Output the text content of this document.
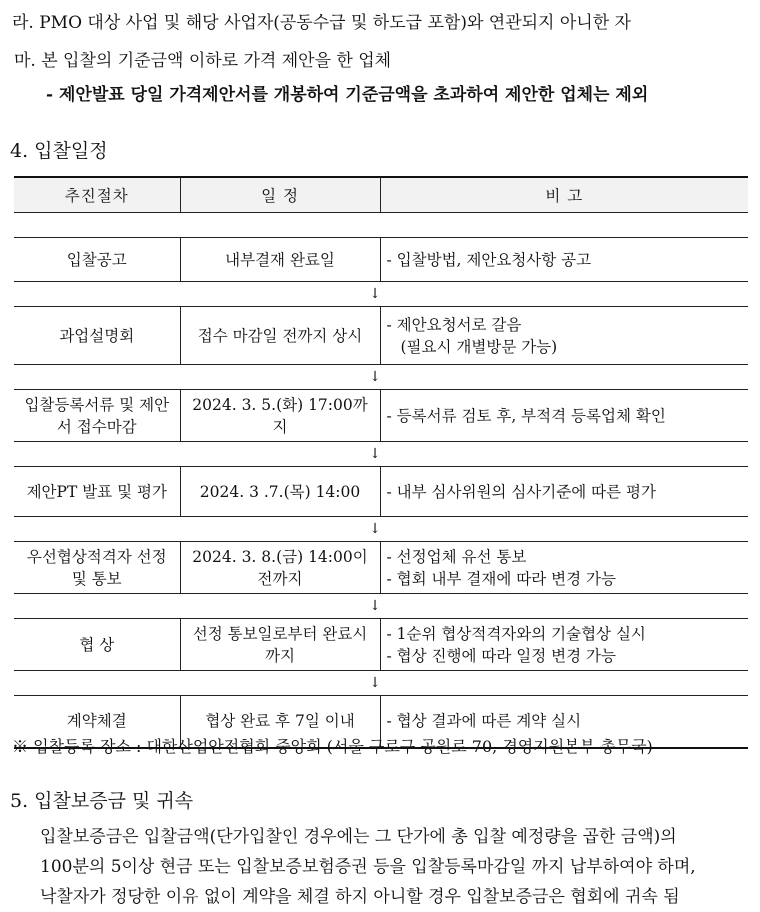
라. PMO 대상 사업 및 해당 사업자(공동수급 및 하도급 포함)와 연관되지 아니한 자
마. 본 입찰의 기준금액 이하로 가격 제안을 한 업체
- 제안발표 당일 가격제안서를 개봉하여 기준금액을 초과하여 제안한 업체는 제외
4. 입찰일정
추진절차	일 정	비 고

입찰공고	내부결재 완료일	- 입찰방법, 제안요청사항 공고

↓		
과업설명회	접수 마감일 전까지 상시	- 제안요청서로 갈음
(필요시 개별방문 가능)

↓		
입찰등록서류 및 제안서 접수마감	2024. 3. 5.(화) 17:00까지	- 등록서류 검토 후, 부적격 등록업체 확인

↓		
제안PT 발표 및 평가	2024. 3 .7.(목) 14:00	- 내부 심사위원의 심사기준에 따른 평가

↓		
우선협상적격자 선정 및 통보	2024. 3. 8.(금) 14:00이전까지	- 선정업체 유선 통보
- 협회 내부 결재에 따라 변경 가능

↓		
협 상	선정 통보일로부터 완료시 까지	- 1순위 협상적격자와의 기술협상 실시
- 협상 진행에 따라 일정 변경 가능

↓		
계약체결	협상 완료 후 7일 이내	- 협상 결과에 따른 계약 실시
※ 입찰등록 장소 : 대한산업안전협회 중앙회 (서울 구로구 공원로 70, 경영지원본부 총무국)
5. 입찰보증금 및 귀속
입찰보증금은 입찰금액(단가입찰인 경우에는 그 단가에 총 입찰 예정량을 곱한 금액)의
100분의 5이상 현금 또는 입찰보증보험증권 등을 입찰등록마감일 까지 납부하여야 하며,
낙찰자가 정당한 이유 없이 계약을 체결 하지 아니할 경우 입찰보증금은 협회에 귀속 됨
